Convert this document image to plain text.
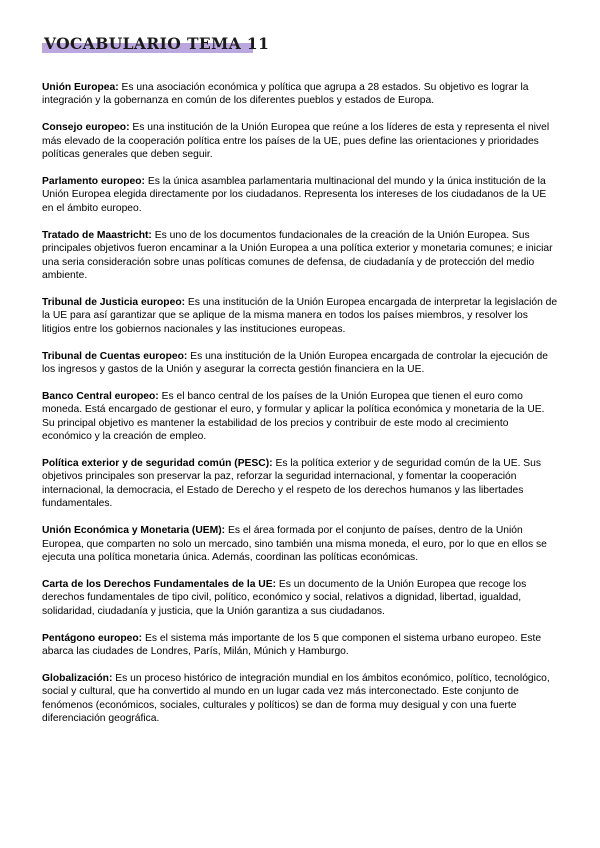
VOCABULARIO TEMA 11

Unión Europea: Es una asociación económica y política que agrupa a 28 estados. Su objetivo es lograr la integración y la gobernanza en común de los diferentes pueblos y estados de Europa.

Consejo europeo: Es una institución de la Unión Europea que reúne a los líderes de esta y representa el nivel más elevado de la cooperación política entre los países de la UE, pues define las orientaciones y prioridades políticas generales que deben seguir.

Parlamento europeo: Es la única asamblea parlamentaria multinacional del mundo y la única institución de la Unión Europea elegida directamente por los ciudadanos. Representa los intereses de los ciudadanos de la UE en el ámbito europeo.

Tratado de Maastricht: Es uno de los documentos fundacionales de la creación de la Unión Europea. Sus principales objetivos fueron encaminar a la Unión Europea a una política exterior y monetaria comunes; e iniciar una seria consideración sobre unas políticas comunes de defensa, de ciudadanía y de protección del medio ambiente.

Tribunal de Justicia europeo: Es una institución de la Unión Europea encargada de interpretar la legislación de la UE para así garantizar que se aplique de la misma manera en todos los países miembros, y resolver los litigios entre los gobiernos nacionales y las instituciones europeas.

Tribunal de Cuentas europeo: Es una institución de la Unión Europea encargada de controlar la ejecución de los ingresos y gastos de la Unión y asegurar la correcta gestión financiera en la UE.

Banco Central europeo: Es el banco central de los países de la Unión Europea que tienen el euro como moneda. Está encargado de gestionar el euro, y formular y aplicar la política económica y monetaria de la UE. Su principal objetivo es mantener la estabilidad de los precios y contribuir de este modo al crecimiento económico y la creación de empleo.

Política exterior y de seguridad común (PESC): Es la política exterior y de seguridad común de la UE. Sus objetivos principales son preservar la paz, reforzar la seguridad internacional, y fomentar la cooperación internacional, la democracia, el Estado de Derecho y el respeto de los derechos humanos y las libertades fundamentales.

Unión Económica y Monetaria (UEM): Es el área formada por el conjunto de países, dentro de la Unión Europea, que comparten no solo un mercado, sino también una misma moneda, el euro, por lo que en ellos se ejecuta una política monetaria única. Además, coordinan las políticas económicas.

Carta de los Derechos Fundamentales de la UE: Es un documento de la Unión Europea que recoge los derechos fundamentales de tipo civil, político, económico y social, relativos a dignidad, libertad, igualdad, solidaridad, ciudadanía y justicia, que la Unión garantiza a sus ciudadanos.

Pentágono europeo: Es el sistema más importante de los 5 que componen el sistema urbano europeo. Este abarca las ciudades de Londres, París, Milán, Múnich y Hamburgo.

Globalización: Es un proceso histórico de integración mundial en los ámbitos económico, político, tecnológico, social y cultural, que ha convertido al mundo en un lugar cada vez más interconectado. Este conjunto de fenómenos (económicos, sociales, culturales y políticos) se dan de forma muy desigual y con una fuerte diferenciación geográfica.
